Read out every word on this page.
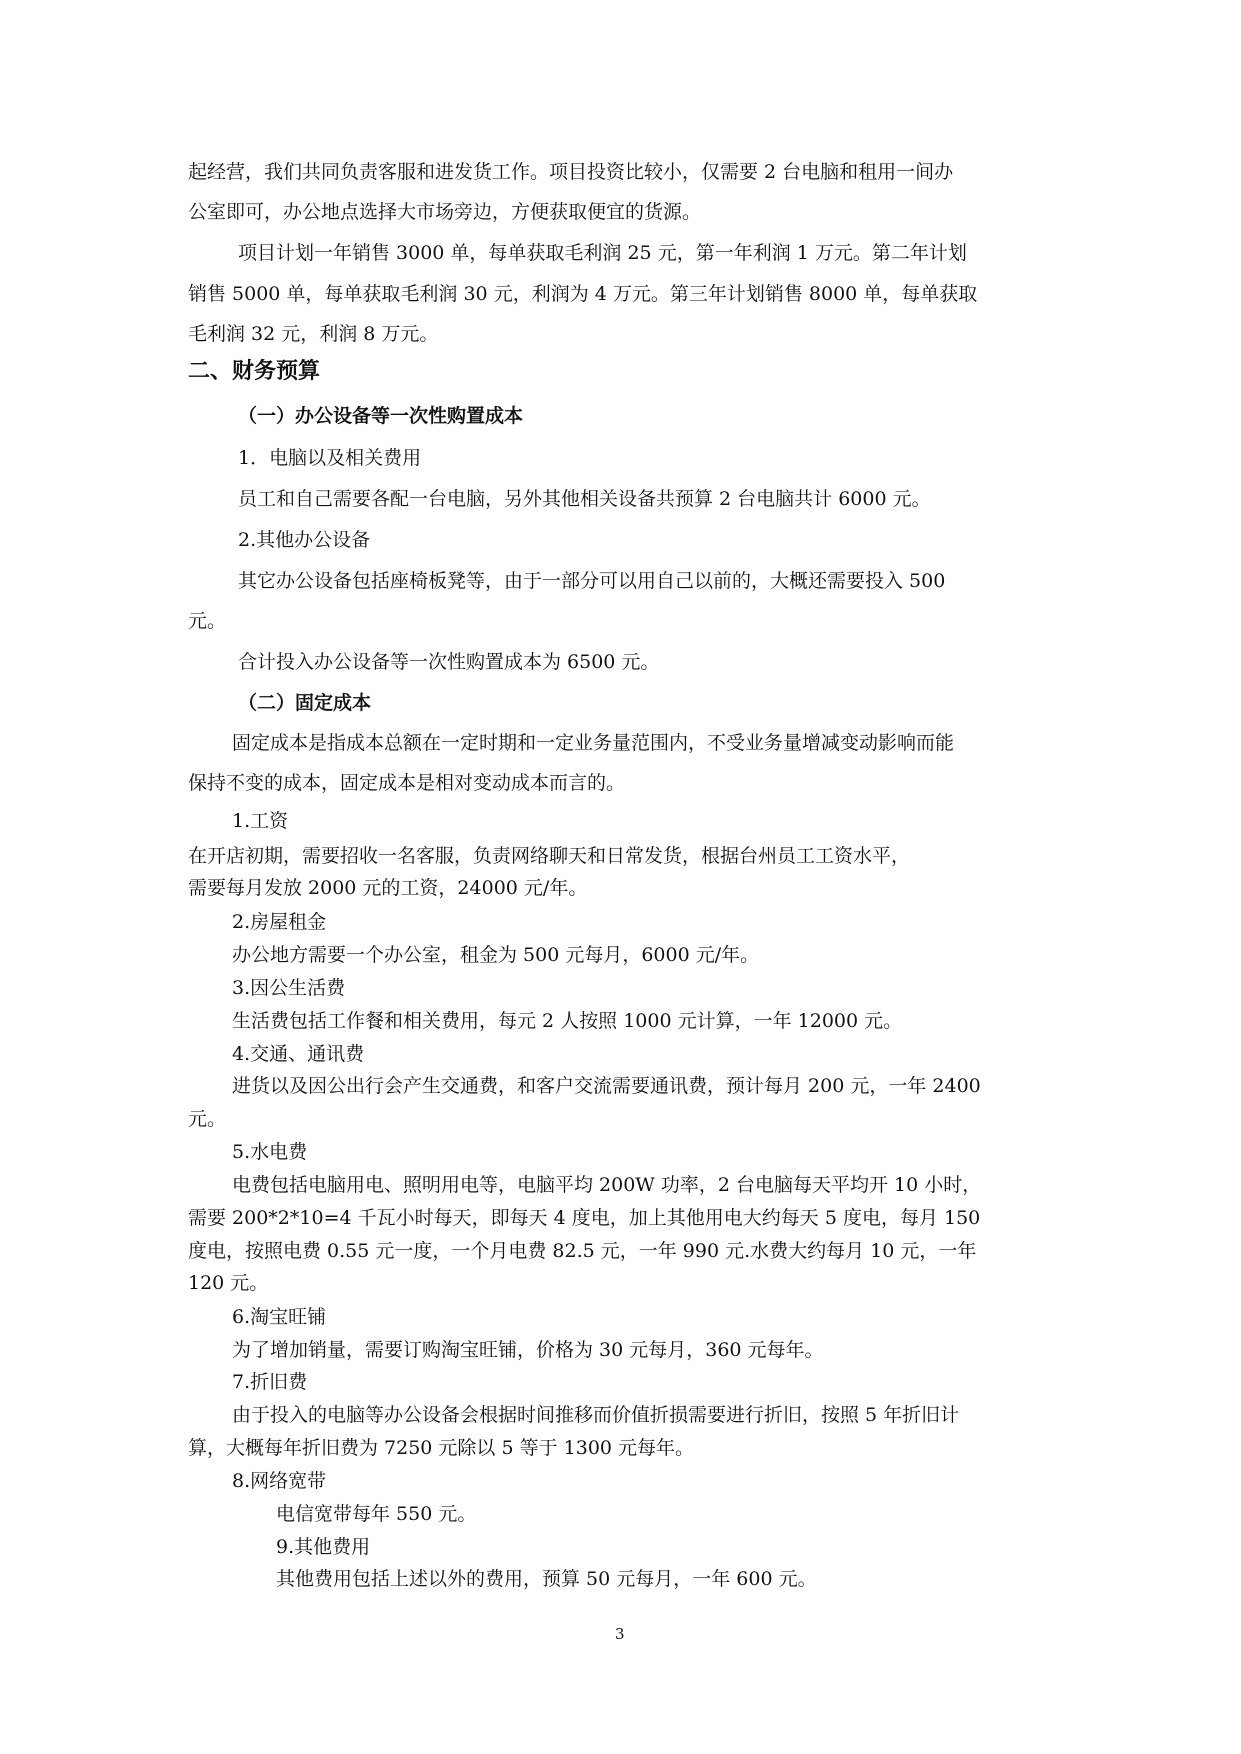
起经营，我们共同负责客服和进发货工作。项目投资比较小，仅需要 2 台电脑和租用一间办

公室即可，办公地点选择大市场旁边，方便获取便宜的货源。

项目计划一年销售 3000 单，每单获取毛利润 25 元，第一年利润 1 万元。第二年计划

销售 5000 单，每单获取毛利润 30 元，利润为 4 万元。第三年计划销售 8000 单，每单获取

毛利润 32 元，利润 8 万元。

二、财务预算

（一）办公设备等一次性购置成本

1．电脑以及相关费用

员工和自己需要各配一台电脑，另外其他相关设备共预算 2 台电脑共计 6000 元。

2.其他办公设备

其它办公设备包括座椅板凳等，由于一部分可以用自己以前的，大概还需要投入 500

元。

合计投入办公设备等一次性购置成本为 6500 元。

（二）固定成本

固定成本是指成本总额在一定时期和一定业务量范围内，不受业务量增减变动影响而能

保持不变的成本，固定成本是相对变动成本而言的。

1.工资

在开店初期，需要招收一名客服，负责网络聊天和日常发货，根据台州员工工资水平，

需要每月发放 2000 元的工资，24000 元/年。

2.房屋租金

办公地方需要一个办公室，租金为 500 元每月，6000 元/年。

3.因公生活费

生活费包括工作餐和相关费用，每元 2 人按照 1000 元计算，一年 12000 元。

4.交通、通讯费

进货以及因公出行会产生交通费，和客户交流需要通讯费，预计每月 200 元，一年 2400

元。

5.水电费

电费包括电脑用电、照明用电等，电脑平均 200W 功率，2 台电脑每天平均开 10 小时，

需要 200*2*10=4 千瓦小时每天，即每天 4 度电，加上其他用电大约每天 5 度电，每月 150

度电，按照电费 0.55 元一度，一个月电费 82.5 元，一年 990 元.水费大约每月 10 元，一年

120 元。

6.淘宝旺铺

为了增加销量，需要订购淘宝旺铺，价格为 30 元每月，360 元每年。

7.折旧费

由于投入的电脑等办公设备会根据时间推移而价值折损需要进行折旧，按照 5 年折旧计

算，大概每年折旧费为 7250 元除以 5 等于 1300 元每年。

8.网络宽带

电信宽带每年 550 元。

9.其他费用

其他费用包括上述以外的费用，预算 50 元每月，一年 600 元。

3
